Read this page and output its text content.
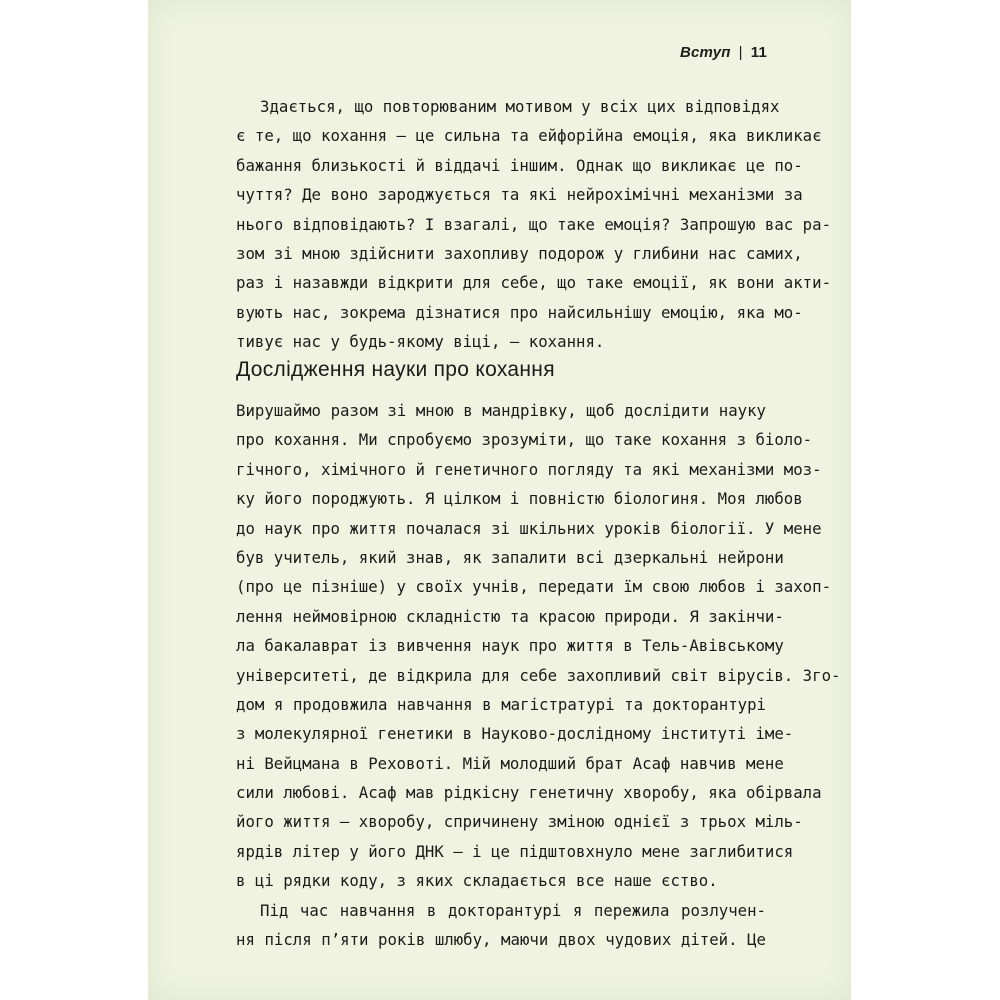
Вступ | 11
Здається, що повторюваним мотивом у всіх цих відповідях
є те, що кохання — це сильна та ейфорійна емоція, яка викликає
бажання близькості й віддачі іншим. Однак що викликає це по-
чуття? Де воно зароджується та які нейрохімічні механізми за
нього відповідають? І взагалі, що таке емоція? Запрошую вас ра-
зом зі мною здійснити захопливу подорож у глибини нас самих,
раз і назавжди відкрити для себе, що таке емоції, як вони акти-
вують нас, зокрема дізнатися про найсильнішу емоцію, яка мо-
тивує нас у будь-якому віці, — кохання.
Дослідження науки про кохання
Вирушаймо разом зі мною в мандрівку, щоб дослідити науку
про кохання. Ми спробуємо зрозуміти, що таке кохання з біоло-
гічного, хімічного й генетичного погляду та які механізми моз-
ку його породжують. Я цілком і повністю біологиня. Моя любов
до наук про життя почалася зі шкільних уроків біології. У мене
був учитель, який знав, як запалити всі дзеркальні нейрони
(про це пізніше) у своїх учнів, передати їм свою любов і захоп-
лення неймовірною складністю та красою природи. Я закінчи-
ла бакалаврат із вивчення наук про життя в Тель-Авівському
університеті, де відкрила для себе захопливий світ вірусів. Зго-
дом я продовжила навчання в магістратурі та докторантурі
з молекулярної генетики в Науково-дослідному інституті іме-
ні Вейцмана в Реховоті. Мій молодший брат Асаф навчив мене
сили любові. Асаф мав рідкісну генетичну хворобу, яка обірвала
його життя — хворобу, спричинену зміною однієї з трьох міль-
ярдів літер у його ДНК — і це підштовхнуло мене заглибитися
в ці рядки коду, з яких складається все наше єство.
Під час навчання в докторантурі я пережила розлучен-
ня після п’яти років шлюбу, маючи двох чудових дітей. Це
